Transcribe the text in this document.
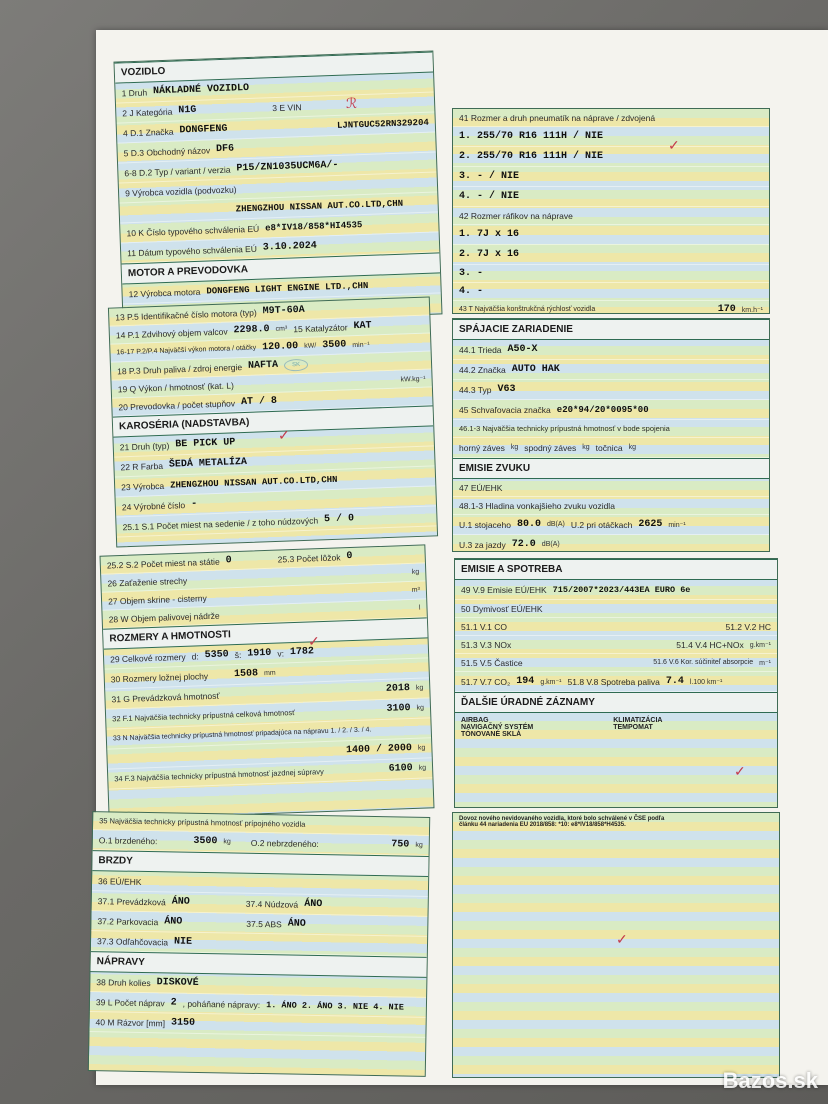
VOZIDLO
1 Druh NÁKLADNÉ VOZIDLO
2 J Kategória N1G	3 E VIN
4 D.1 Značka DONGFENG	LJNTGUC52RN329204
5 D.3 Obchodný názov DF6
6-8 D.2 Typ / variant / verzia P15/ZN1035UCM6A/-
9 Výrobca vozidla (podvozku)
ZHENGZHOU NISSAN AUT.CO.LTD,CHN
10 K Číslo typového schválenia EÚ e8*IV18/858*HI4535
11 Dátum typového schválenia EÚ 3.10.2024
MOTOR A PREVODOVKA
12 Výrobca motora DONGFENG LIGHT ENGINE LTD.,CHN
13 P.5 Identifikačné číslo motora (typ) M9T-60A
14 P.1 Zdvihový objem valcov 2298.0 cm³ 15 Katalyzátor KAT
16-17 P.2/P.4 Najväčší výkon motora / otáčky 120.00 kW/ 3500 min⁻¹
18 P.3 Druh paliva / zdroj energie NAFTA	SK
19 Q Výkon / hmotnosť (kat. L)
kW.kg⁻¹
20 Prevodovka / počet stupňov AT / 8
KAROSÉRIA (NADSTAVBA)
21 Druh (typ) BE PICK UP
22 R Farba ŠEDÁ METALÍZA
23 Výrobca ZHENGZHOU NISSAN AUT.CO.LTD,CHN
24 Výrobné číslo -
25.1 S.1 Počet miest na sedenie / z toho núdzových 5 / 0
25.2 S.2 Počet miest na státie 0	25.3 Počet lôžok 0
26 Zaťaženie strechy
kg
27 Objem skrine - cisterny
m³
28 W Objem palivovej nádrže
l
ROZMERY A HMOTNOSTI
29 Celkové rozmery d: 5350 š: 1910 v: 1782
30 Rozmery ložnej plochy	1508 mm
31 G Prevádzková hmotnosť
2018 kg
32 F.1 Najväčšia technicky prípustná celková hmotnosť	3100 kg
33 N Najväčšia technicky prípustná hmotnosť pripadajúca na nápravu 1. / 2. / 3. / 4.
1400 / 2000 kg
34 F.3 Najväčšia technicky prípustná hmotnosť jazdnej súpravy	6100 kg
35 Najväčšia technicky prípustná hmotnosť prípojného vozidla
O.1 brzdeného:	3500 kg O.2 nebrzdeného:	750 kg
BRZDY
36 EÚ/EHK
37.1 Prevádzková ÁNO	37.4 Núdzová ÁNO
37.2 Parkovacia ÁNO	37.5 ABS ÁNO
37.3 Odľahčovacia NIE
NÁPRAVY
38 Druh kolies DISKOVÉ
39 L Počet náprav 2 , poháňané nápravy: 1. ÁNO 2. ÁNO 3. NIE 4. NIE
40 M Rázvor [mm] 3150
41 Rozmer a druh pneumatík na nápravе / zdvojená
1. 255/70 R16 111H / NIE
2. 255/70 R16 111H / NIE
3. - / NIE
4. - / NIE
42 Rozmer ráfikov na náprave
1. 7J x 16
2. 7J x 16
3. -
4. -
43 T Najväčšia konštrukčná rýchlosť vozidla	170 km.h⁻¹
SPÁJACIE ZARIADENIE
44.1 Trieda A50-X
44.2 Značka AUTO HAK
44.3 Typ V63
45 Schvaľovacia značka e20*94/20*0095*00
46.1-3 Najväčšia technicky prípustná hmotnosť v bode spojenia
horný záves kg spodný záves kg točnica kg
EMISIE ZVUKU
47 EÚ/EHK
48.1-3 Hladina vonkajšieho zvuku vozidla
U.1 stojaceho 80.0 dB(A) U.2 pri otáčkach 2625 min⁻¹
U.3 za jazdy 72.0 dB(A)
EMISIE A SPOTREBA
49 V.9 Emisie EÚ/EHK 715/2007*2023/443EA EURO 6e
50 Dymivosť EÚ/EHK
51.1 V.1 CO	51.2 V.2 HC
51.3 V.3 NOx	51.4 V.4 HC+NOx g.km⁻¹
51.5 V.5 Častice	51.6 V.6 Kor. súčiniteľ absorpcie m⁻¹
51.7 V.7 CO₂ 194 g.km⁻¹ 51.8 V.8 Spotreba paliva 7.4 l.100 km⁻¹
ĎALŠIE ÚRADNÉ ZÁZNAMY
AIRBAG
NAVIGAČNÝ SYSTÉM
TÓNOVANÉ SKLÁ
KLIMATIZÁCIA
TEMPOMAT
Dovoz nového nevidovaného vozidla, ktoré bolo schválené v ČSE podľa
článku 44 nariadenia EU 2018/858: *10: e8*IV18/858*H4535.
ℛ
✓
✓
✓
✓
✓
Bazos.sk
